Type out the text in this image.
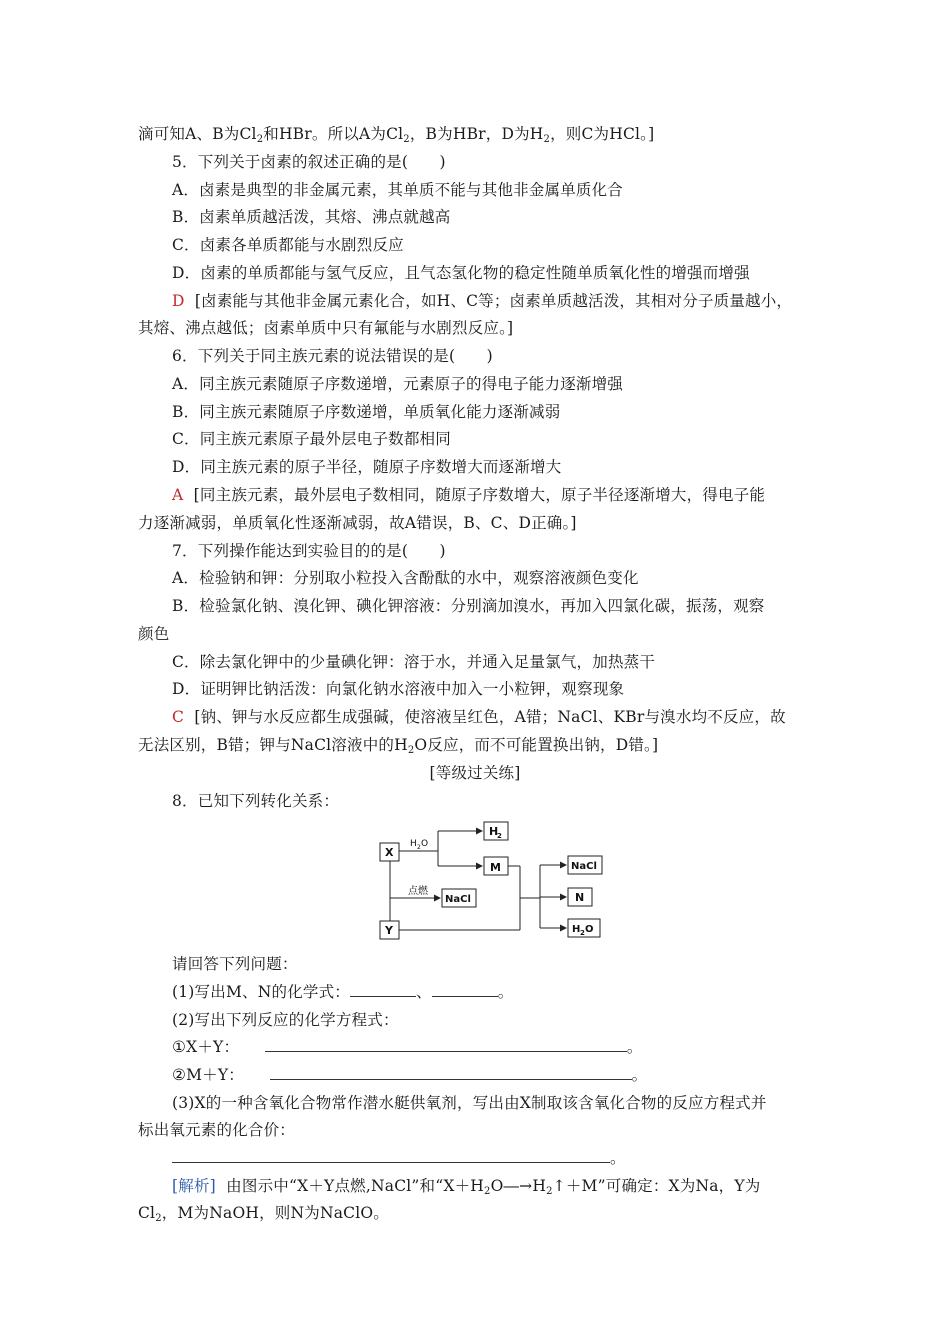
滴可知A、B为$Cl_2$和HBr。所以A为$Cl_2$，B为HBr，D为$H_2$，则C为HCl。]
5．下列关于卤素的叙述正确的是(　　)
A．卤素是典型的非金属元素，其单质不能与其他非金属单质化合
B．卤素单质越活泼，其熔、沸点就越高
C．卤素各单质都能与水剧烈反应
D．卤素的单质都能与氢气反应，且气态氢化物的稳定性随单质氧化性的增强而增强
D [卤素能与其他非金属元素化合，如H、C等；卤素单质越活泼，其相对分子质量越小，
其熔、沸点越低；卤素单质中只有氟能与水剧烈反应。]
6．下列关于同主族元素的说法错误的是(　　)
A．同主族元素随原子序数递增，元素原子的得电子能力逐渐增强
B．同主族元素随原子序数递增，单质氧化能力逐渐减弱
C．同主族元素原子最外层电子数都相同
D．同主族元素的原子半径，随原子序数增大而逐渐增大
A [同主族元素，最外层电子数相同，随原子序数增大，原子半径逐渐增大，得电子能
力逐渐减弱，单质氧化性逐渐减弱，故A错误，B、C、D正确。]
7．下列操作能达到实验目的的是(　　)
A．检验钠和钾：分别取小粒投入含酚酞的水中，观察溶液颜色变化
B．检验氯化钠、溴化钾、碘化钾溶液：分别滴加溴水，再加入四氯化碳，振荡，观察
颜色
C．除去氯化钾中的少量碘化钾：溶于水，并通入足量氯气，加热蒸干
D．证明钾比钠活泼：向氯化钠水溶液中加入一小粒钾，观察现象
C [钠、钾与水反应都生成强碱，使溶液呈红色，A错；NaCl、KBr与溴水均不反应，故
无法区别，B错；钾与NaCl溶液中的$H_2O$反应，而不可能置换出钠，D错。]
[等级过关练]
8．已知下列转化关系：
X
Y
H
2
M
NaCl
NaCl
N
H 2 O
H 2 O
点燃
请回答下列问题：
(1)写出M、N的化学式：	、	。
(2)写出下列反应的化学方程式：
①X＋Y：	。
②M＋Y：	。
(3)X的一种含氧化合物常作潜水艇供氧剂，写出由X制取该含氧化合物的反应方程式并
标出氧元素的化合价：
。
[解析] 由图示中“X＋Y点燃,NaCl”和“$X+H_2O―\to H_2↑+M$”可确定：X为Na，Y为
$Cl_2$，M为NaOH，则N为NaClO。
